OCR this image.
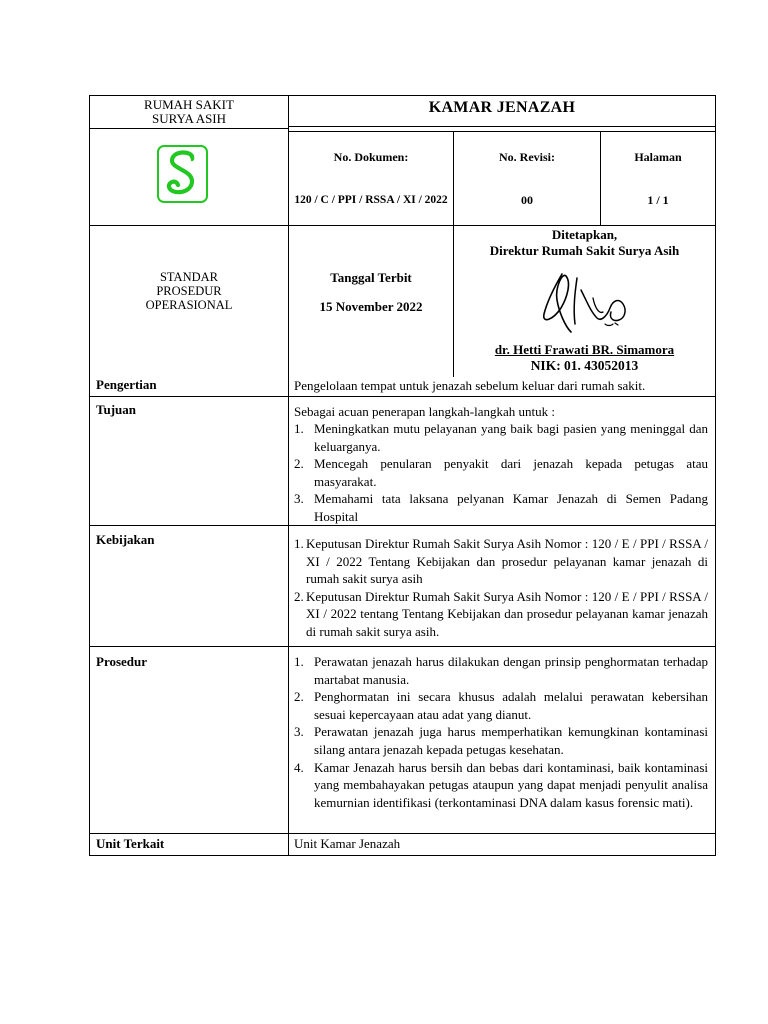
RUMAH SAKIT
SURYA ASIH
KAMAR JENAZAH
No. Dokumen:	No. Revisi:	Halaman
120 / C / PPI / RSSA / XI / 2022	00	1 / 1
STANDAR
PROSEDUR
OPERASIONAL
Tanggal Terbit
15 November 2022
Ditetapkan,
Direktur Rumah Sakit Surya Asih
dr. Hetti Frawati BR. Simamora
NIK: 01. 43052013
Pengertian	Pengelolaan tempat untuk jenazah sebelum keluar dari rumah sakit.
Tujuan	Sebagai acuan penerapan langkah-langkah untuk :
1. Meningkatkan mutu pelayanan yang baik bagi pasien yang meninggal dan keluarganya.
2. Mencegah penularan penyakit dari jenazah kepada petugas atau masyarakat.
3. Memahami tata laksana pelyanan Kamar Jenazah di Semen Padang Hospital
Kebijakan	1. Keputusan Direktur Rumah Sakit Surya Asih Nomor : 120 / E / PPI / RSSA / XI / 2022 Tentang Kebijakan dan prosedur pelayanan kamar jenazah di rumah sakit surya asih
2. Keputusan Direktur Rumah Sakit Surya Asih Nomor : 120 / E / PPI / RSSA / XI / 2022 tentang Tentang Kebijakan dan prosedur pelayanan kamar jenazah di rumah sakit surya asih.
Prosedur	1. Perawatan jenazah harus dilakukan dengan prinsip penghormatan terhadap martabat manusia.
2. Penghormatan ini secara khusus adalah melalui perawatan kebersihan sesuai kepercayaan atau adat yang dianut.
3. Perawatan jenazah juga harus memperhatikan kemungkinan kontaminasi silang antara jenazah kepada petugas kesehatan.
4. Kamar Jenazah harus bersih dan bebas dari kontaminasi, baik kontaminasi yang membahayakan petugas ataupun yang dapat menjadi penyulit analisa kemurnian identifikasi (terkontaminasi DNA dalam kasus forensic mati).
Unit Terkait	Unit Kamar Jenazah
